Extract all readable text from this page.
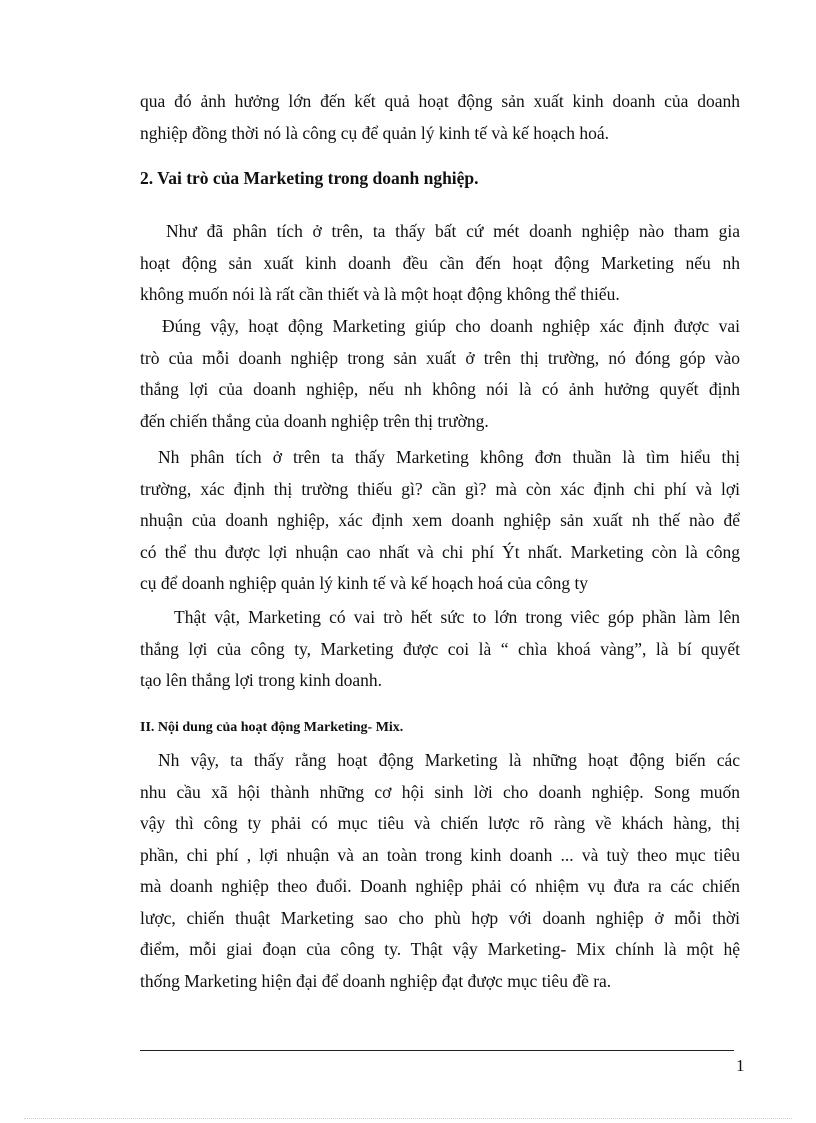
qua đó ảnh hưởng lớn đến kết quả hoạt động sản xuất kinh doanh của doanh
nghiệp đồng thời nó là công cụ để quản lý kinh tế và kế hoạch hoá.
2. Vai trò của Marketing trong doanh nghiệp.
Như đã phân tích ở trên, ta thấy bất cứ mét doanh nghiệp nào tham gia
hoạt động sản xuất kinh doanh đều cần đến hoạt động Marketing nếu nh
không muốn nói là rất cần thiết và là một hoạt động không thể thiếu.
Đúng vậy, hoạt động Marketing giúp cho doanh nghiệp xác định được vai
trò của mỗi doanh nghiệp trong sản xuất ở trên thị trường, nó đóng góp vào
thắng lợi của doanh nghiệp, nếu nh không nói là có ảnh hưởng quyết định
đến chiến thắng của doanh nghiệp trên thị trường.
Nh phân tích ở trên ta thấy Marketing không đơn thuần là tìm hiểu thị
trường, xác định thị trường thiếu gì? cần gì? mà còn xác định chi phí và lợi
nhuận của doanh nghiệp, xác định xem doanh nghiệp sản xuất nh thế nào để
có thể thu được lợi nhuận cao nhất và chi phí Ýt nhất. Marketing còn là công
cụ để doanh nghiệp quản lý kinh tế và kế hoạch hoá của công ty
Thật vật, Marketing có vai trò hết sức to lớn trong viêc góp phần làm lên
thắng lợi của công ty, Marketing được coi là “ chìa khoá vàng”, là bí quyết
tạo lên thắng lợi trong kinh doanh.
II. Nội dung của hoạt động Marketing- Mix.
Nh vậy, ta thấy rằng hoạt động Marketing là những hoạt động biến các
nhu cầu xã hội thành những cơ hội sinh lời cho doanh nghiệp. Song muốn
vậy thì công ty phải có mục tiêu và chiến lược rõ ràng về khách hàng, thị
phần, chi phí , lợi nhuận và an toàn trong kinh doanh ... và tuỳ theo mục tiêu
mà doanh nghiệp theo đuổi. Doanh nghiệp phải có nhiệm vụ đưa ra các chiến
lược, chiến thuật Marketing sao cho phù hợp với doanh nghiệp ở mỗi thời
điểm, mỗi giai đoạn của công ty. Thật vậy Marketing- Mix chính là một hệ
thống Marketing hiện đại để doanh nghiệp đạt được mục tiêu đề ra.
1
